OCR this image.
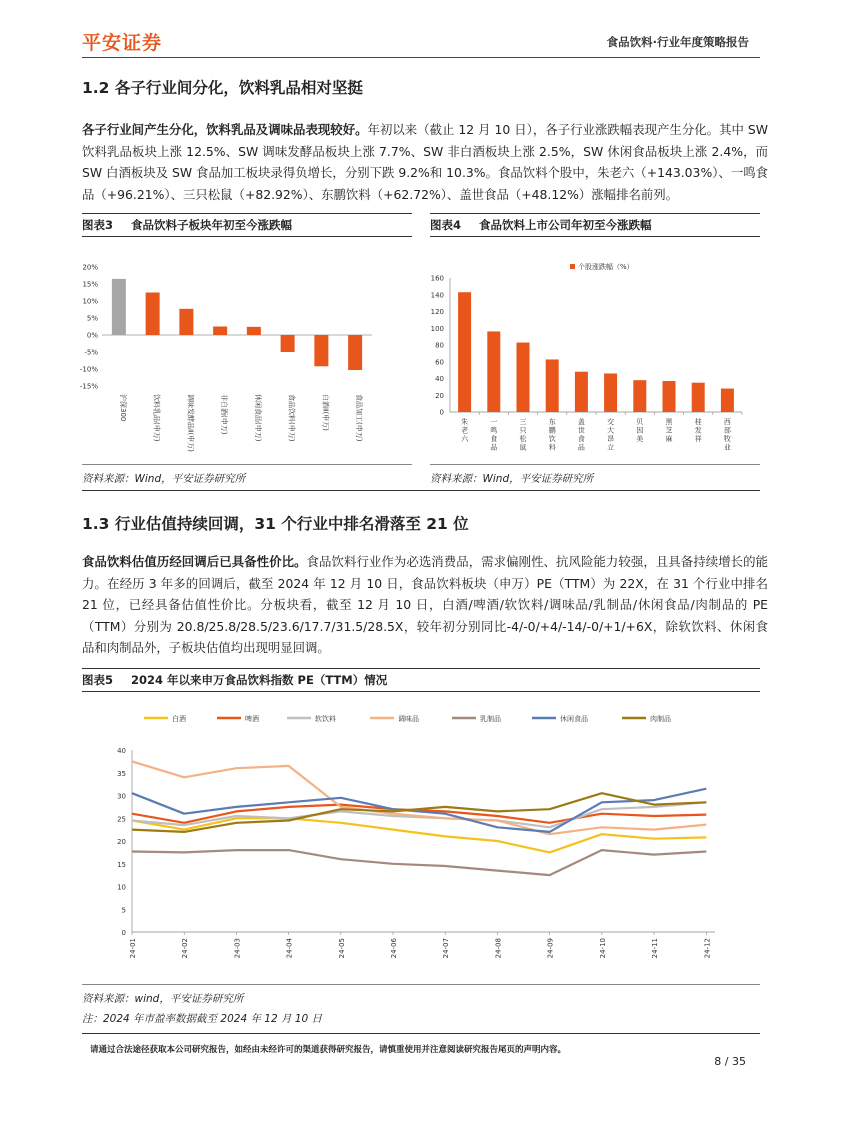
平安证券	食品饮料·行业年度策略报告
1.2 各子行业间分化，饮料乳品相对坚挺
各子行业间产生分化，饮料乳品及调味品表现较好。年初以来（截止 12 月 10 日），各子行业涨跌幅表现产生分化。其中 SW 饮料乳品板块上涨 12.5%、SW 调味发酵品板块上涨 7.7%、SW 非白酒板块上涨 2.5%，SW 休闲食品板块上涨 2.4%，而 SW 白酒板块及 SW 食品加工板块录得负增长，分别下跌 9.2%和 10.3%。食品饮料个股中，朱老六（+143.03%）、一鸣食品（+96.21%）、三只松鼠（+82.92%）、东鹏饮料（+62.72%）、盖世食品（+48.12%）涨幅排名前列。
图表3 食品饮料子板块年初至今涨跌幅
20%
15%
10%
5%
0%
-5%
-10%
-15%
沪深300	饮料乳品(申万)	调味发酵品Ⅱ(申万)	非白酒(申万)	休闲食品(申万)	食品饮料(申万)	白酒Ⅱ(申万)	食品加工(申万)
资料来源：Wind，平安证券研究所
图表4 食品饮料上市公司年初至今涨跌幅
个股涨跌幅（%）
160
140
120
100
80
60
40
20
0
朱老六
一鸣食品
三只松鼠
东鹏饮料
盖世食品
交大昂立
贝因美
黑芝麻
桂发祥
西部牧业
资料来源：Wind，平安证券研究所
1.3 行业估值持续回调，31 个行业中排名滑落至 21 位
食品饮料估值历经回调后已具备性价比。食品饮料行业作为必选消费品，需求偏刚性、抗风险能力较强，且具备持续增长的能力。在经历 3 年多的回调后，截至 2024 年 12 月 10 日，食品饮料板块（申万）PE（TTM）为 22X，在 31 个行业中排名 21 位，已经具备估值性价比。分板块看，截至 12 月 10 日，白酒/啤酒/软饮料/调味品/乳制品/休闲食品/肉制品的 PE（TTM）分别为 20.8/25.8/28.5/23.6/17.7/31.5/28.5X，较年初分别同比-4/-0/+4/-14/-0/+1/+6X，除软饮料、休闲食品和肉制品外，子板块估值均出现明显回调。
图表5 2024 年以来申万食品饮料指数 PE（TTM）情况
白酒	啤酒	软饮料	调味品	乳制品	休闲食品	肉制品
40
35
30
25
20
15
10
5
0
24-01	24-02	24-03	24-04	24-05	24-06	24-07	24-08	24-09	24-10	24-11	24-12
资料来源：wind，平安证券研究所
注：2024 年市盈率数据截至 2024 年 12 月 10 日
请通过合法途径获取本公司研究报告，如经由未经许可的渠道获得研究报告，请慎重使用并注意阅读研究报告尾页的声明内容。
8 / 35
